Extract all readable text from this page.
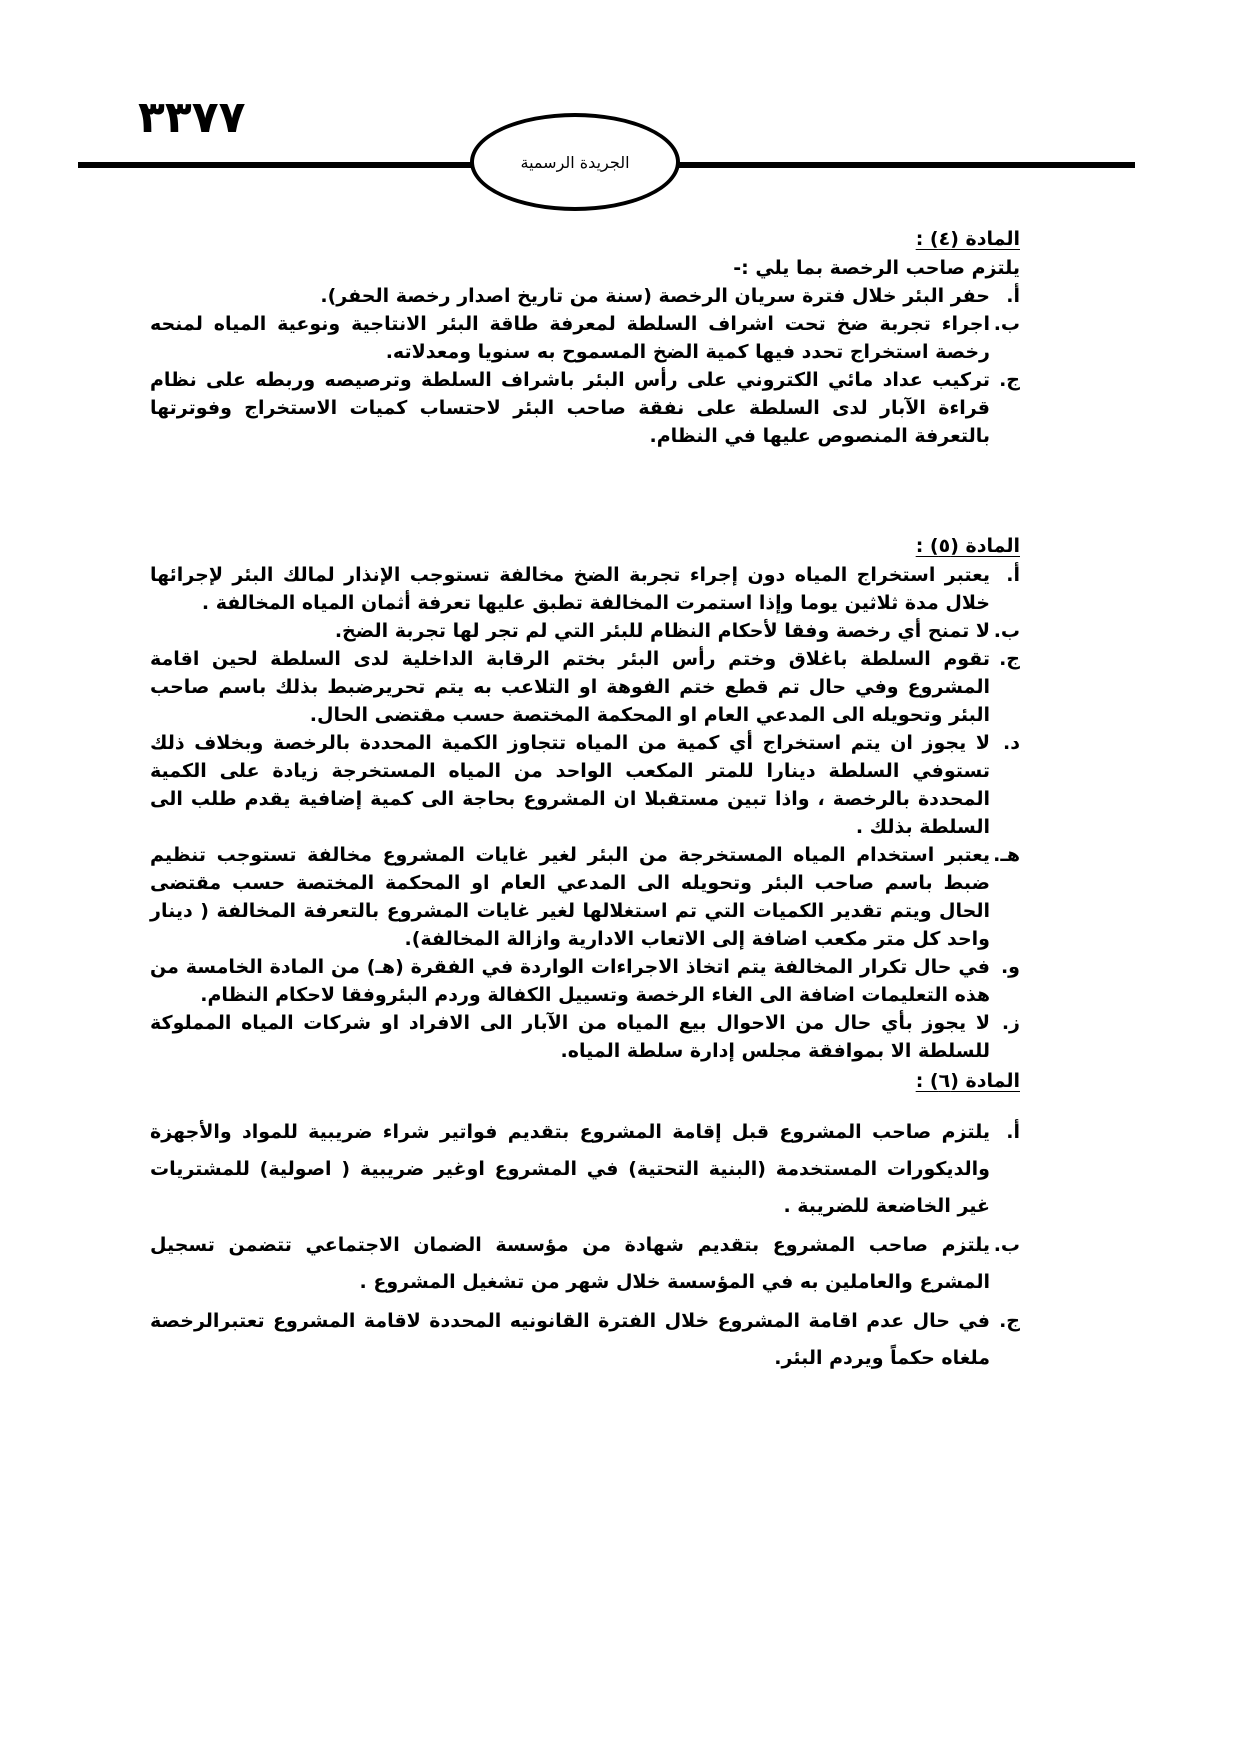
٣٣٧٧
الجريدة الرسمية
المادة (٤) :
يلتزم صاحب الرخصة بما يلي :-
أ.
حفر البئر خلال فترة سريان الرخصة (سنة من تاريخ اصدار رخصة الحفر).
ب.
اجراء تجربة ضخ تحت اشراف السلطة لمعرفة طاقة البئر الانتاجية ونوعية المياه لمنحه رخصة استخراج تحدد فيها كمية الضخ المسموح به سنويا ومعدلاته.
ج.
تركيب عداد مائي الكتروني على رأس البئر باشراف السلطة وترصيصه وربطه على نظام قراءة الآبار لدى السلطة على نفقة صاحب البئر لاحتساب كميات الاستخراج وفوترتها بالتعرفة المنصوص عليها في النظام.
المادة (٥) :
أ.
يعتبر استخراج المياه دون إجراء تجربة الضخ مخالفة تستوجب الإنذار لمالك البئر لإجرائها خلال مدة ثلاثين يوما وإذا استمرت المخالفة تطبق عليها تعرفة أثمان المياه المخالفة .
ب.
لا تمنح أي رخصة وفقا لأحكام النظام للبئر التي لم تجر لها تجربة الضخ.
ج.
تقوم السلطة باغلاق وختم رأس البئر بختم الرقابة الداخلية لدى السلطة لحين اقامة المشروع وفي حال تم قطع ختم الفوهة او التلاعب به يتم تحريرضبط بذلك باسم صاحب البئر وتحويله الى المدعي العام او المحكمة المختصة حسب مقتضى الحال.
د.
لا يجوز ان يتم استخراج أي كمية من المياه تتجاوز الكمية المحددة بالرخصة وبخلاف ذلك تستوفي السلطة دينارا للمتر المكعب الواحد من المياه المستخرجة زيادة على الكمية المحددة بالرخصة ، واذا تبين مستقبلا ان المشروع بحاجة الى كمية إضافية يقدم طلب الى السلطة بذلك .
هـ.
يعتبر استخدام المياه المستخرجة من البئر لغير غايات المشروع مخالفة تستوجب تنظيم ضبط باسم صاحب البئر وتحويله الى المدعي العام او المحكمة المختصة حسب مقتضى الحال ويتم تقدير الكميات التي تم استغلالها لغير غايات المشروع بالتعرفة المخالفة ( دينار واحد كل متر مكعب اضافة إلى الاتعاب الادارية وازالة المخالفة).
و.
في حال تكرار المخالفة يتم اتخاذ الاجراءات الواردة في الفقرة (هـ) من المادة الخامسة من هذه التعليمات اضافة الى الغاء الرخصة وتسييل الكفالة وردم البئروفقا لاحكام النظام.
ز.
لا يجوز بأي حال من الاحوال بيع المياه من الآبار الى الافراد او شركات المياه المملوكة للسلطة الا بموافقة مجلس إدارة سلطة المياه.
المادة (٦) :
أ.
يلتزم صاحب المشروع قبل إقامة المشروع بتقديم فواتير شراء ضريبية للمواد والأجهزة والديكورات المستخدمة (البنية التحتية) في المشروع اوغير ضريبية ( اصولية) للمشتريات غير الخاضعة للضريبة .
ب.
يلتزم صاحب المشروع بتقديم شهادة من مؤسسة الضمان الاجتماعي تتضمن تسجيل المشرع والعاملين به في المؤسسة خلال شهر من تشغيل المشروع .
ج.
في حال عدم اقامة المشروع خلال الفترة القانونيه المحددة لاقامة المشروع تعتبرالرخصة ملغاه حكماً ويردم البئر.
